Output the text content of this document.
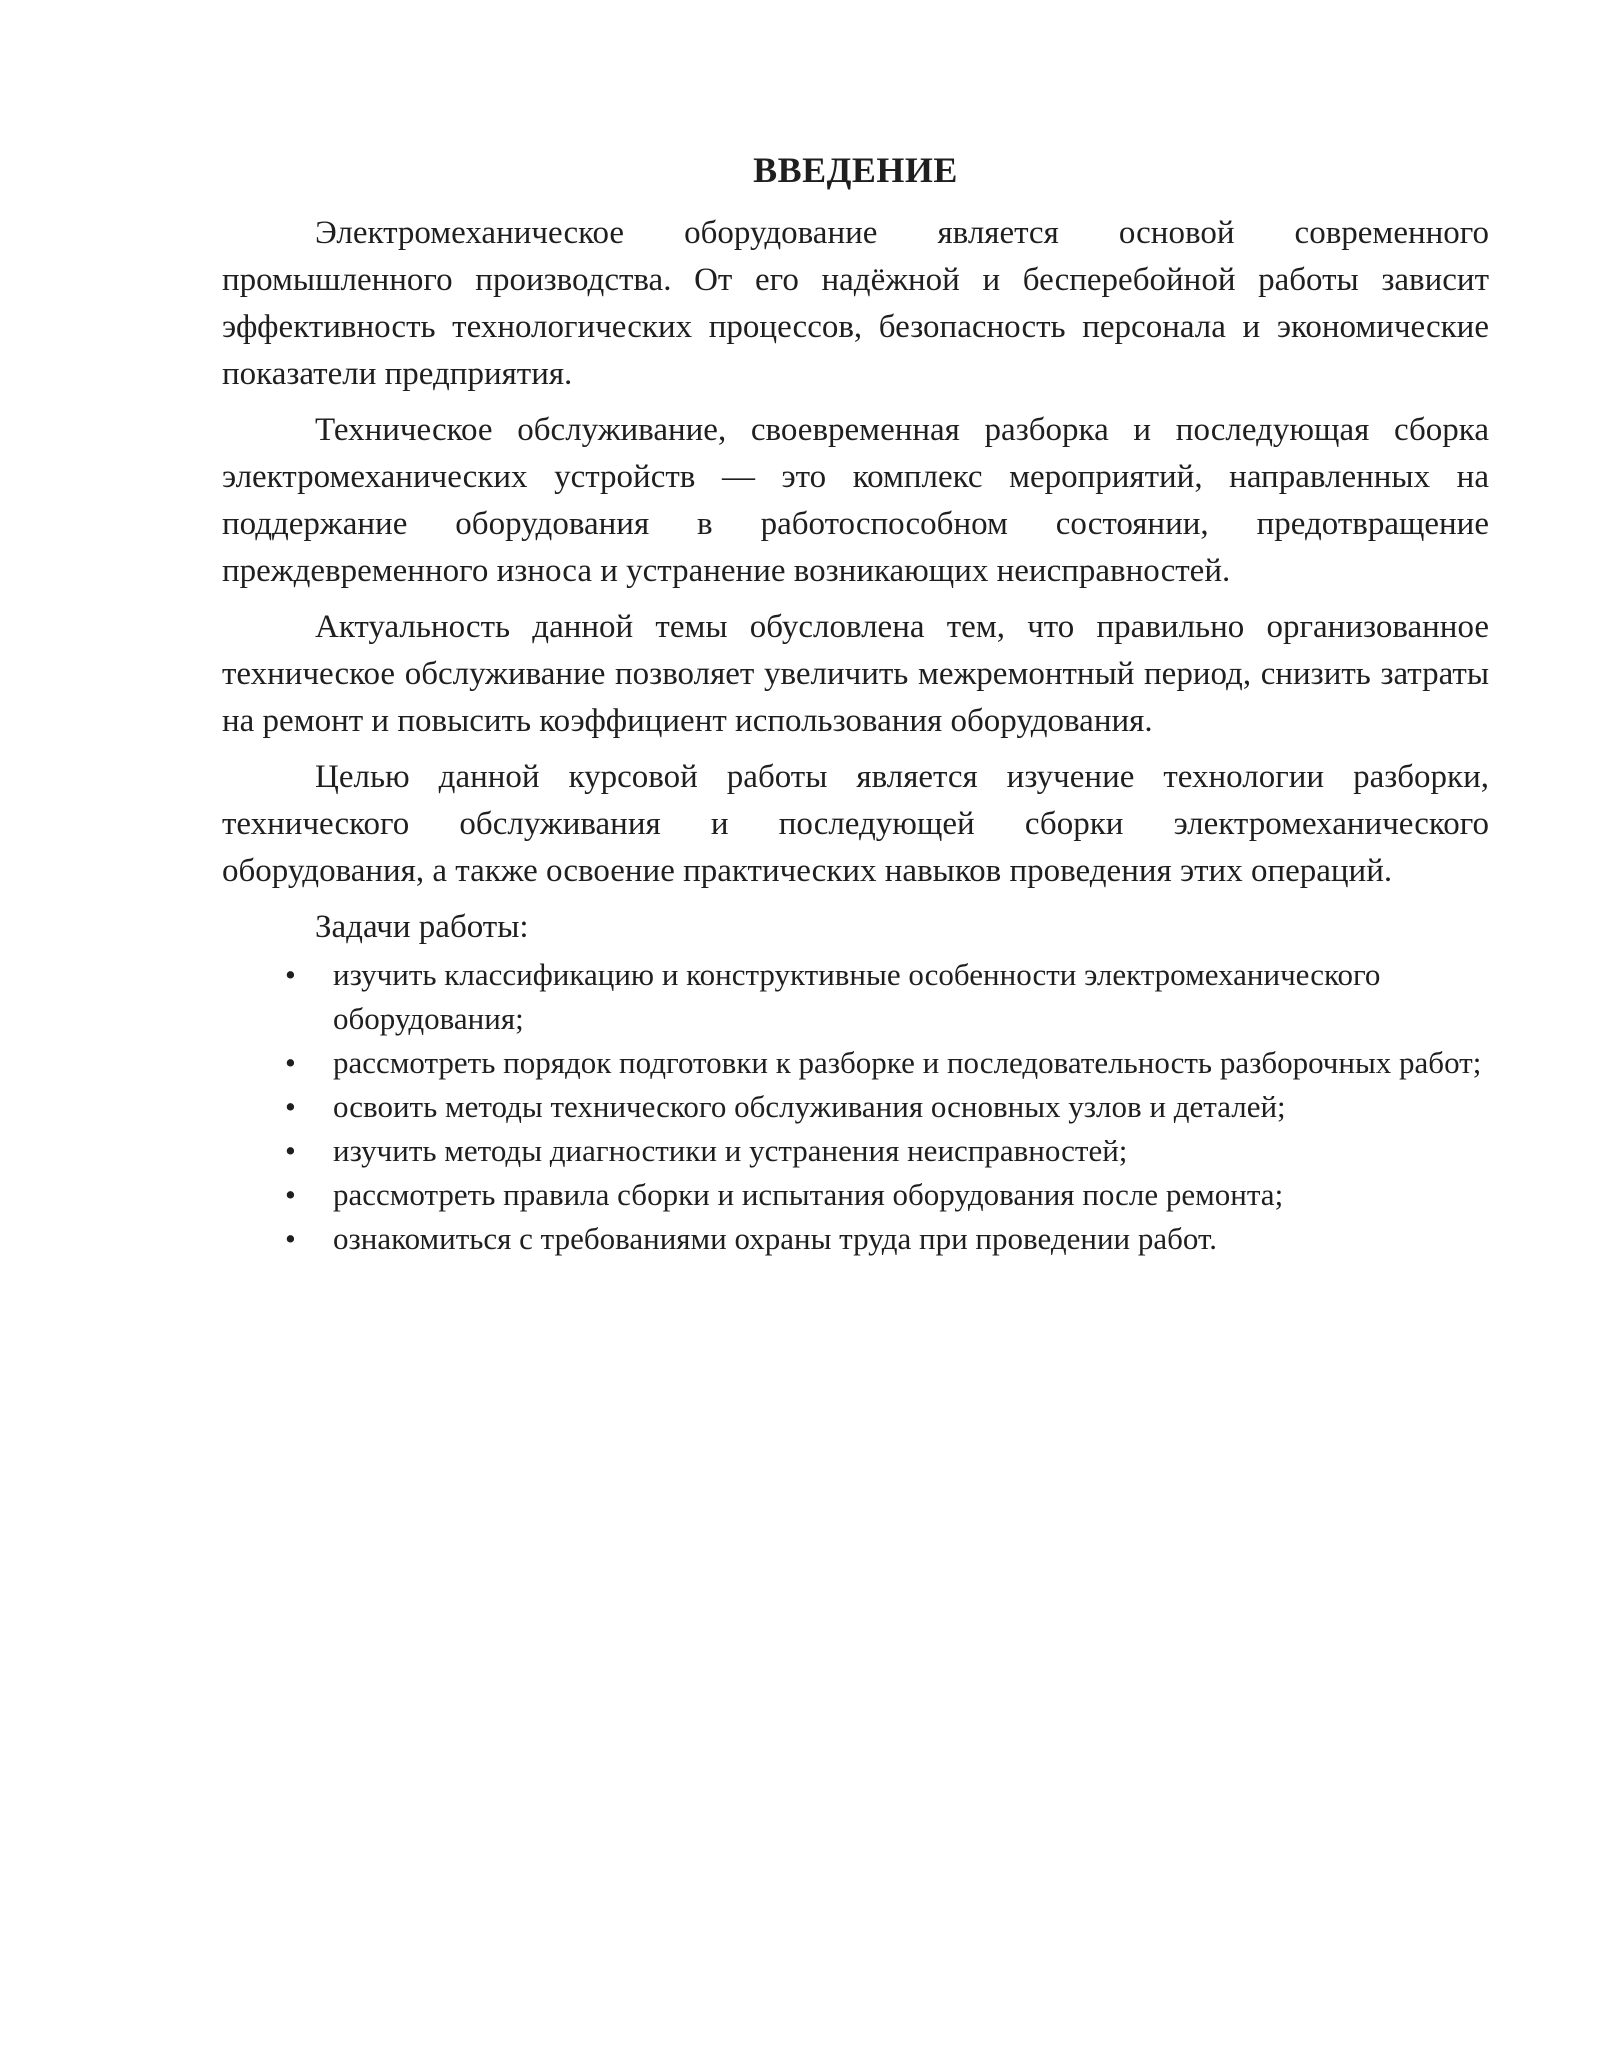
ВВЕДЕНИЕ

Электромеханическое оборудование является основой современного промышленного производства. От его надёжной и бесперебойной работы зависит эффективность технологических процессов, безопасность персонала и экономические показатели предприятия.

Техническое обслуживание, своевременная разборка и последующая сборка электромеханических устройств — это комплекс мероприятий, направленных на поддержание оборудования в работоспособном состоянии, предотвращение преждевременного износа и устранение возникающих неисправностей.

Актуальность данной темы обусловлена тем, что правильно организованное техническое обслуживание позволяет увеличить межремонтный период, снизить затраты на ремонт и повысить коэффициент использования оборудования.

Целью данной курсовой работы является изучение технологии разборки, технического обслуживания и последующей сборки электромеханического оборудования, а также освоение практических навыков проведения этих операций.

Задачи работы:

• изучить классификацию и конструктивные особенности электромеханического оборудования;
• рассмотреть порядок подготовки к разборке и последовательность разборочных работ;
• освоить методы технического обслуживания основных узлов и деталей;
• изучить методы диагностики и устранения неисправностей;
• рассмотреть правила сборки и испытания оборудования после ремонта;
• ознакомиться с требованиями охраны труда при проведении работ.
